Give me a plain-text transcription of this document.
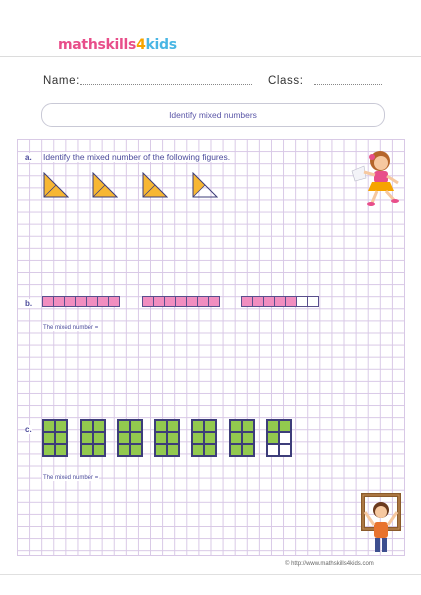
mathskills4kids
Name:	Class:
Identify mixed numbers
a. Identify the mixed number of the following figures.
b.
The mixed number =
c.
The mixed number =
© http://www.mathskills4kids.com
